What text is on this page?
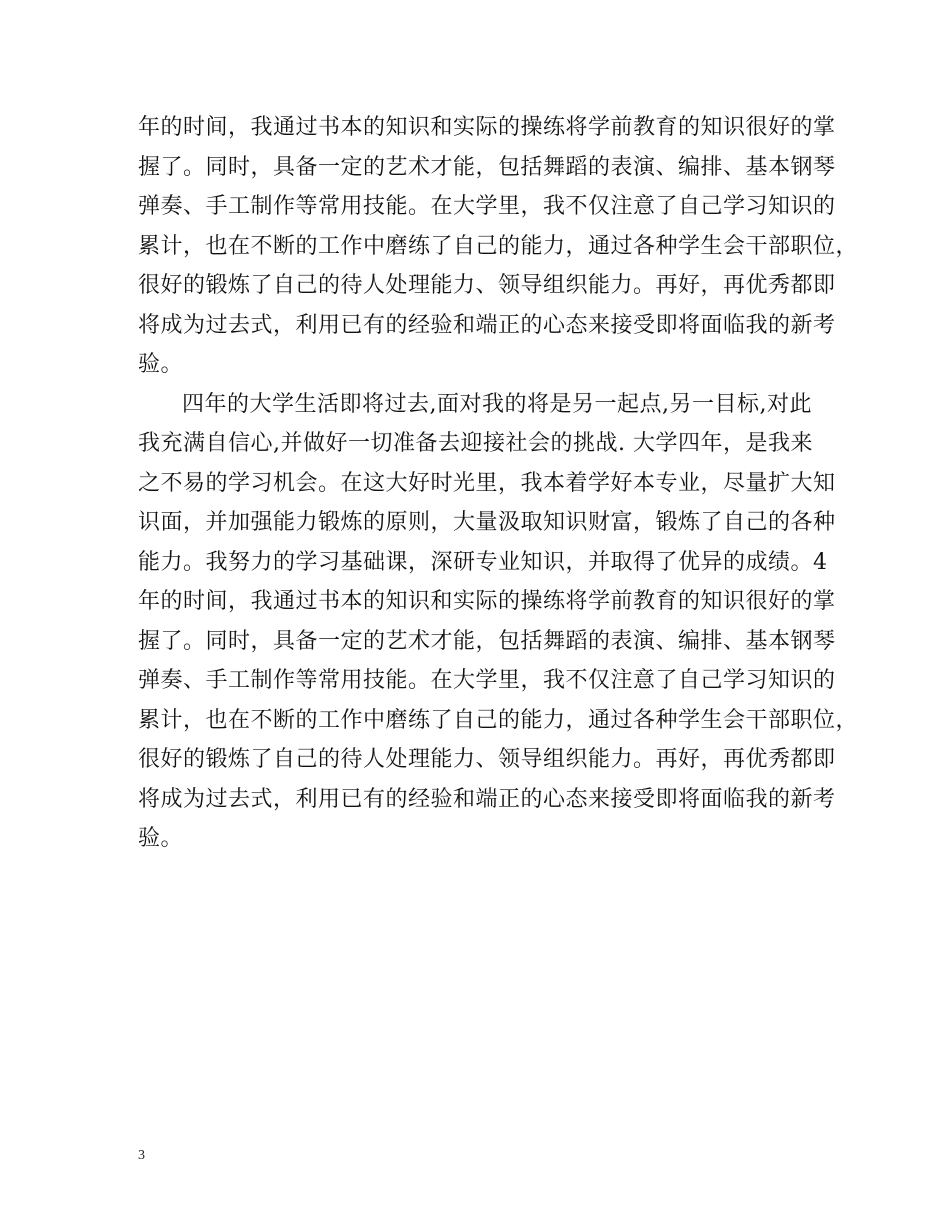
年的时间，我通过书本的知识和实际的操练将学前教育的知识很好的掌
握了。同时，具备一定的艺术才能，包括舞蹈的表演、编排、基本钢琴
弹奏、手工制作等常用技能。在大学里，我不仅注意了自己学习知识的
累计，也在不断的工作中磨练了自己的能力，通过各种学生会干部职位，
很好的锻炼了自己的待人处理能力、领导组织能力。再好，再优秀都即
将成为过去式，利用已有的经验和端正的心态来接受即将面临我的新考
验。

四年的大学生活即将过去,面对我的将是另一起点,另一目标,对此
我充满自信心,并做好一切准备去迎接社会的挑战. 大学四年，是我来
之不易的学习机会。在这大好时光里，我本着学好本专业，尽量扩大知
识面，并加强能力锻炼的原则，大量汲取知识财富，锻炼了自己的各种
能力。我努力的学习基础课，深研专业知识，并取得了优异的成绩。4
年的时间，我通过书本的知识和实际的操练将学前教育的知识很好的掌
握了。同时，具备一定的艺术才能，包括舞蹈的表演、编排、基本钢琴
弹奏、手工制作等常用技能。在大学里，我不仅注意了自己学习知识的
累计，也在不断的工作中磨练了自己的能力，通过各种学生会干部职位，
很好的锻炼了自己的待人处理能力、领导组织能力。再好，再优秀都即
将成为过去式，利用已有的经验和端正的心态来接受即将面临我的新考
验。

3
